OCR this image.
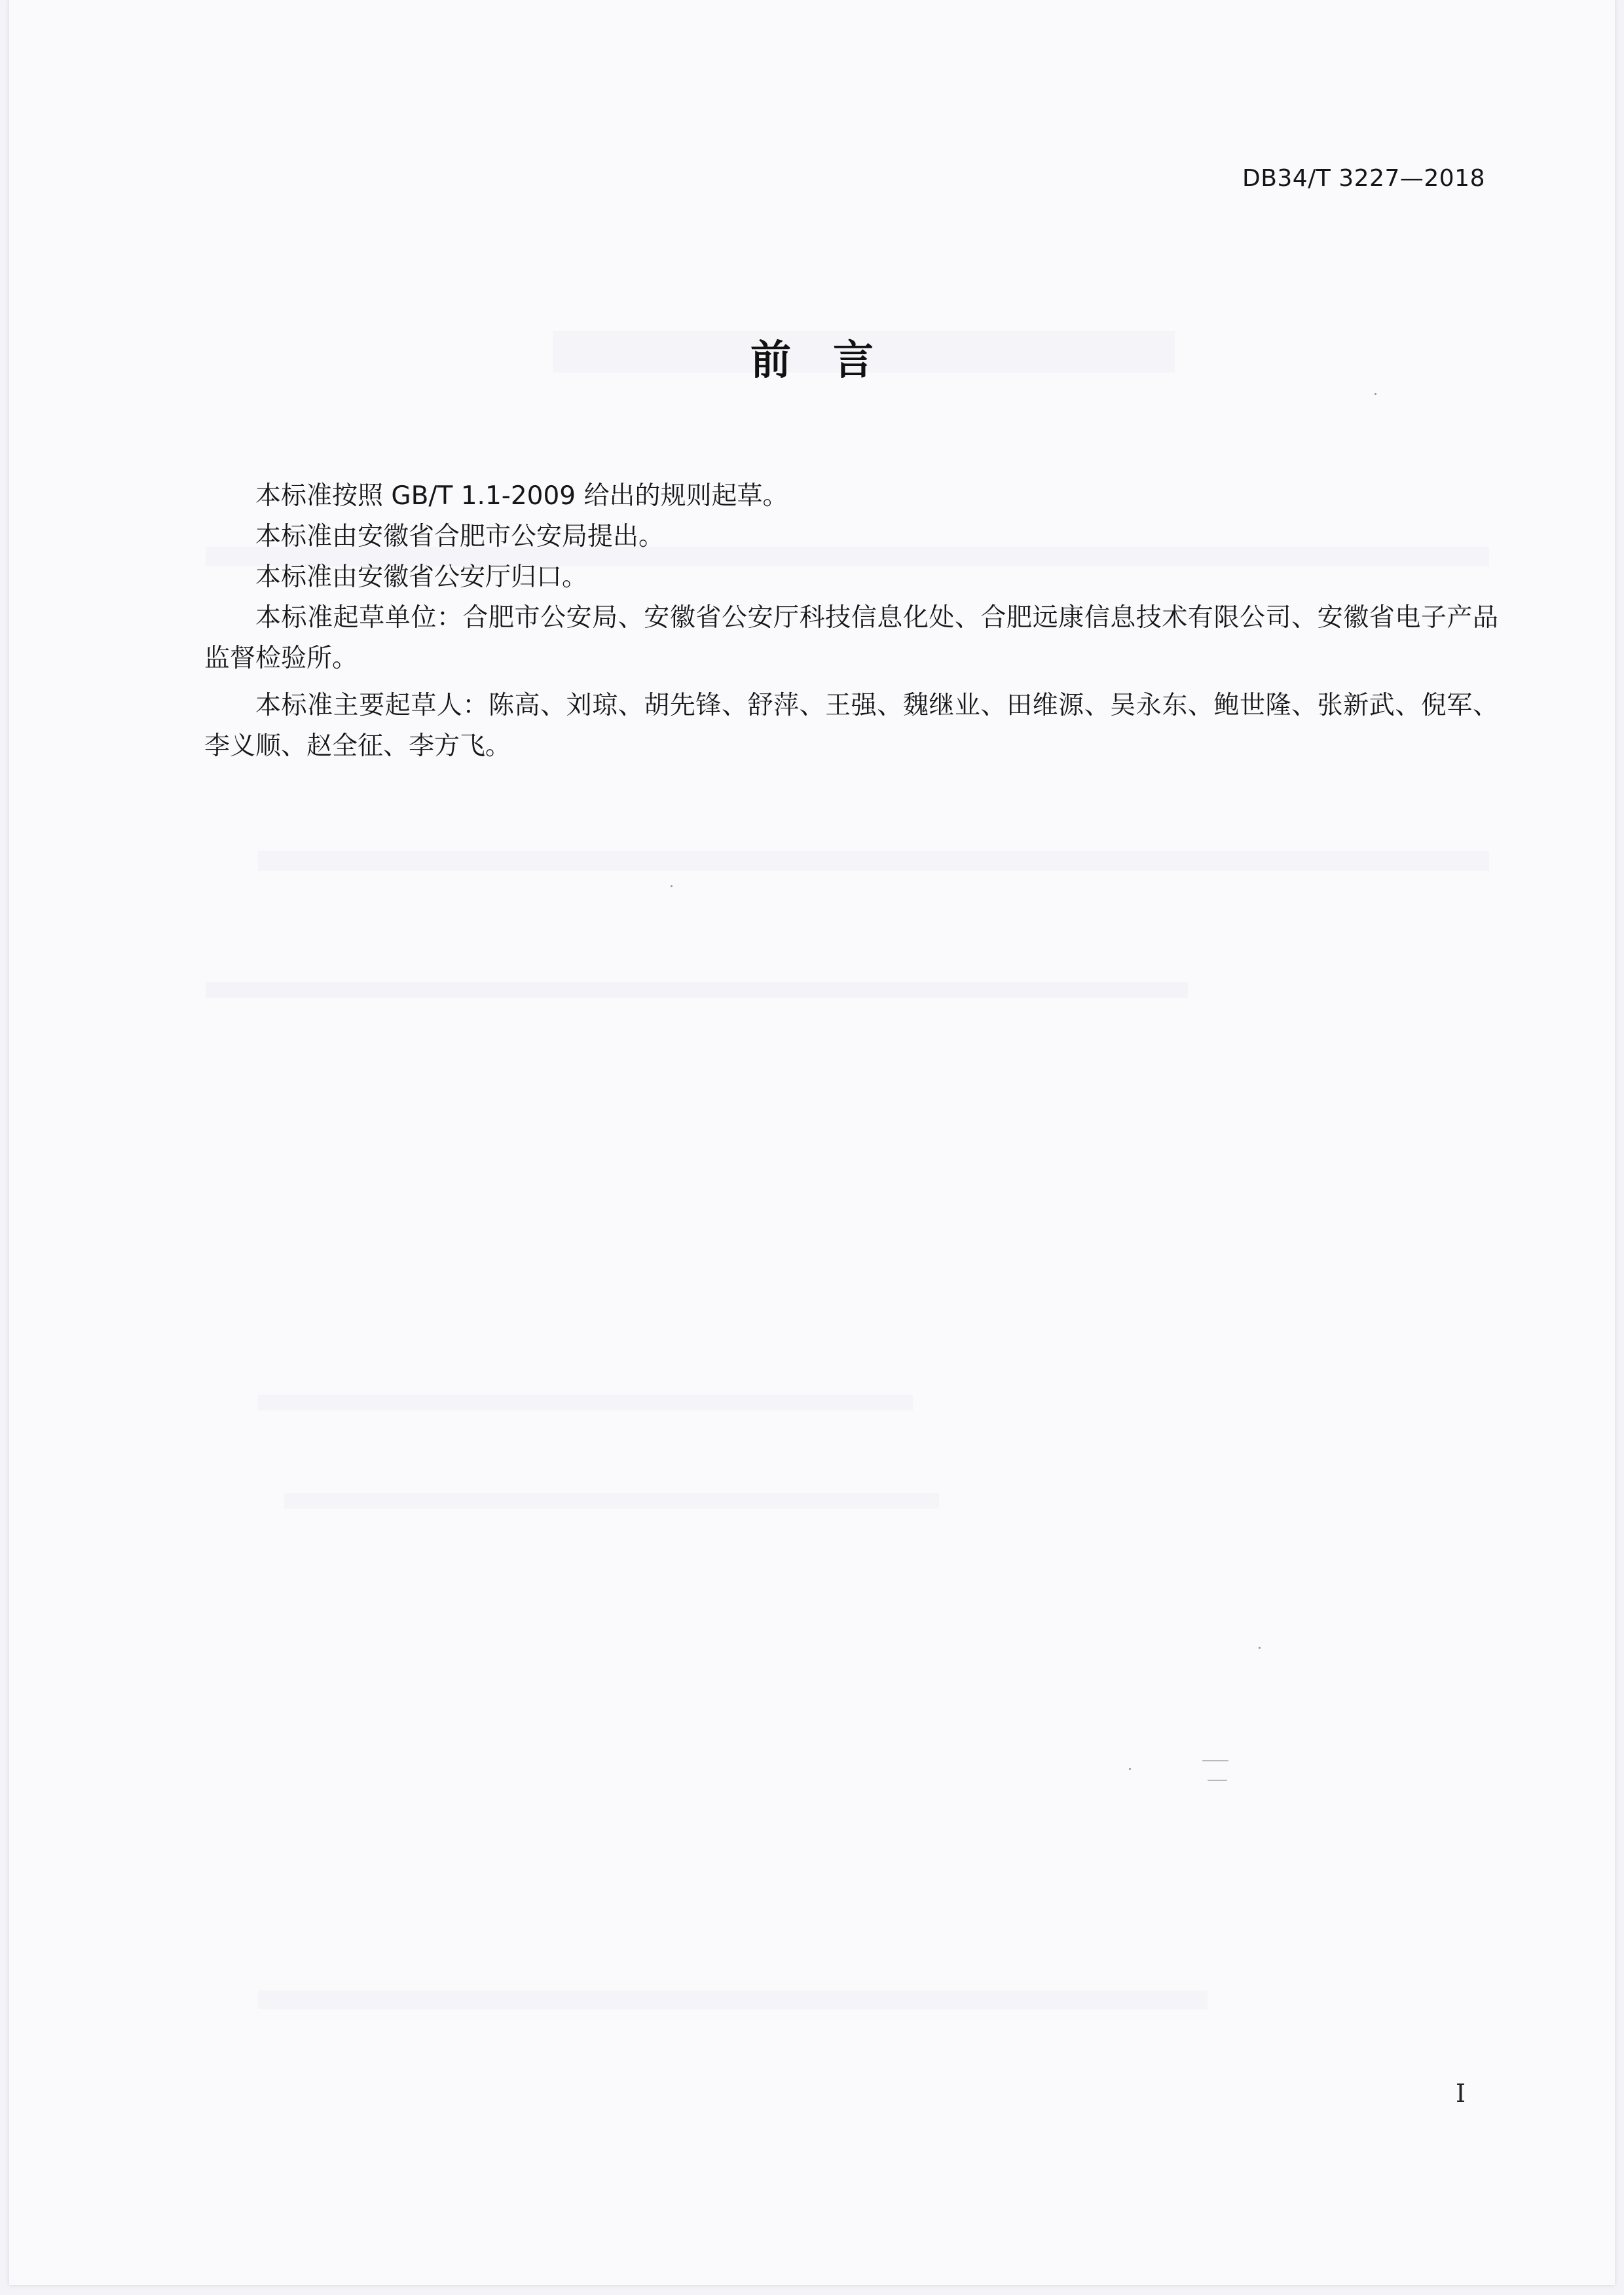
DB34/T 3227—2018
前言

本标准按照 GB/T 1.1-2009 给出的规则起草。

本标准由安徽省合肥市公安局提出。

本标准由安徽省公安厅归口。

本标准起草单位：合肥市公安局、安徽省公安厅科技信息化处、合肥远康信息技术有限公司、安徽省电子产品监督检验所。

本标准主要起草人：陈高、刘琼、胡先锋、舒萍、王强、魏继业、田维源、吴永东、鲍世隆、张新武、倪军、李义顺、赵全征、李方飞。

I
